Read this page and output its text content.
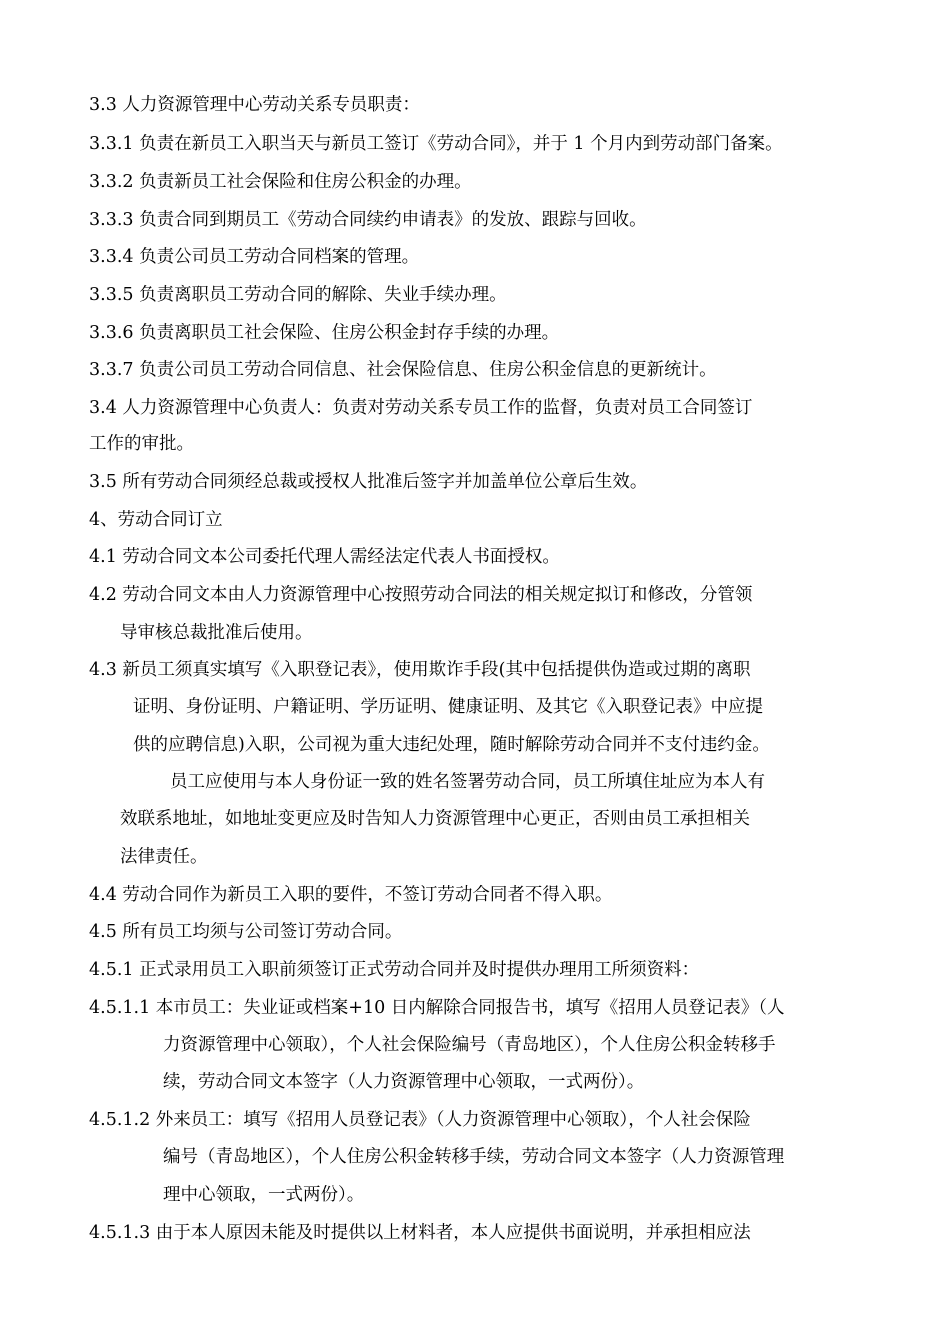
3.3 人力资源管理中心劳动关系专员职责：
3.3.1 负责在新员工入职当天与新员工签订《劳动合同》，并于 1 个月内到劳动部门备案。
3.3.2 负责新员工社会保险和住房公积金的办理。
3.3.3 负责合同到期员工《劳动合同续约申请表》的发放、跟踪与回收。
3.3.4 负责公司员工劳动合同档案的管理。
3.3.5 负责离职员工劳动合同的解除、失业手续办理。
3.3.6 负责离职员工社会保险、住房公积金封存手续的办理。
3.3.7 负责公司员工劳动合同信息、社会保险信息、住房公积金信息的更新统计。
3.4 人力资源管理中心负责人：负责对劳动关系专员工作的监督，负责对员工合同签订
工作的审批。
3.5 所有劳动合同须经总裁或授权人批准后签字并加盖单位公章后生效。
4、劳动合同订立
4.1 劳动合同文本公司委托代理人需经法定代表人书面授权。
4.2 劳动合同文本由人力资源管理中心按照劳动合同法的相关规定拟订和修改，分管领
导审核总裁批准后使用。
4.3 新员工须真实填写《入职登记表》，使用欺诈手段(其中包括提供伪造或过期的离职
证明、身份证明、户籍证明、学历证明、健康证明、及其它《入职登记表》中应提
供的应聘信息)入职，公司视为重大违纪处理，随时解除劳动合同并不支付违约金。
员工应使用与本人身份证一致的姓名签署劳动合同，员工所填住址应为本人有
效联系地址，如地址变更应及时告知人力资源管理中心更正，否则由员工承担相关
法律责任。
4.4 劳动合同作为新员工入职的要件，不签订劳动合同者不得入职。
4.5 所有员工均须与公司签订劳动合同。
4.5.1 正式录用员工入职前须签订正式劳动合同并及时提供办理用工所须资料：
4.5.1.1 本市员工：失业证或档案+10 日内解除合同报告书，填写《招用人员登记表》（人
力资源管理中心领取），个人社会保险编号（青岛地区），个人住房公积金转移手
续，劳动合同文本签字（人力资源管理中心领取，一式两份）。
4.5.1.2 外来员工：填写《招用人员登记表》（人力资源管理中心领取），个人社会保险
编号（青岛地区），个人住房公积金转移手续，劳动合同文本签字（人力资源管理
理中心领取，一式两份）。
4.5.1.3 由于本人原因未能及时提供以上材料者，本人应提供书面说明，并承担相应法
